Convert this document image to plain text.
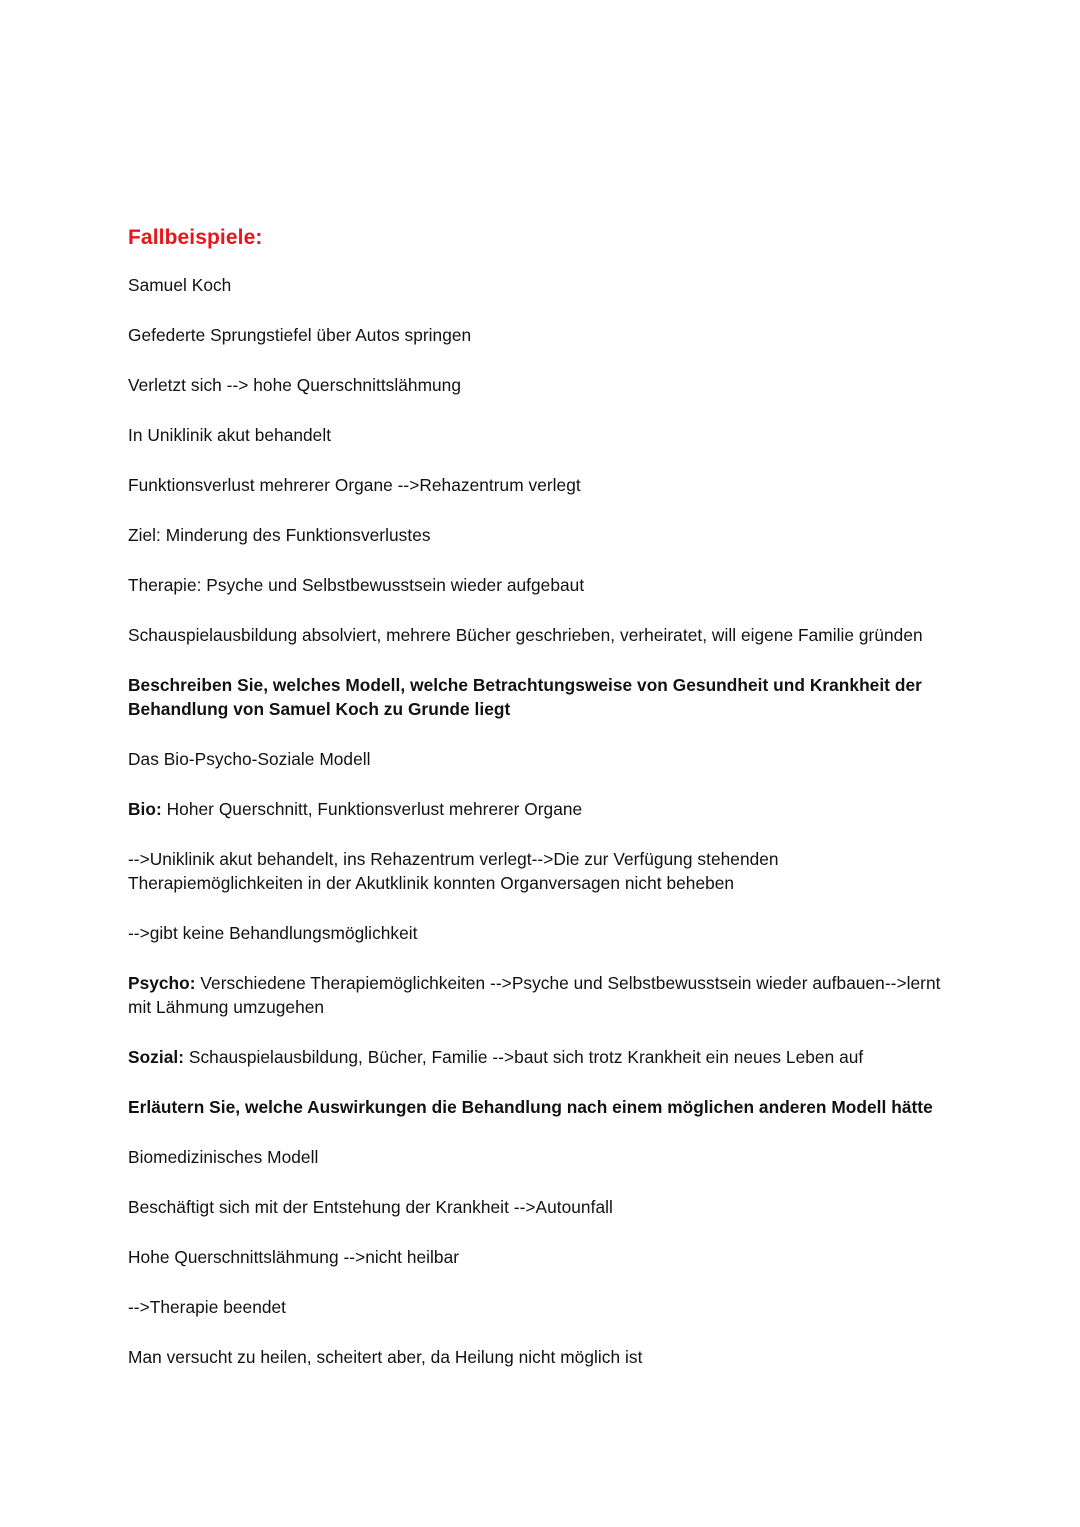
Fallbeispiele:
Samuel Koch
Gefederte Sprungstiefel über Autos springen
Verletzt sich --> hohe Querschnittslähmung
In Uniklinik akut behandelt
Funktionsverlust mehrerer Organe -->Rehazentrum verlegt
Ziel: Minderung des Funktionsverlustes
Therapie: Psyche und Selbstbewusstsein wieder aufgebaut
Schauspielausbildung absolviert, mehrere Bücher geschrieben, verheiratet, will eigene Familie gründen
Beschreiben Sie, welches Modell, welche Betrachtungsweise von Gesundheit und Krankheit der Behandlung von Samuel Koch zu Grunde liegt
Das Bio-Psycho-Soziale Modell
Bio: Hoher Querschnitt, Funktionsverlust mehrerer Organe
-->Uniklinik akut behandelt, ins Rehazentrum verlegt-->Die zur Verfügung stehenden Therapiemöglichkeiten in der Akutklinik konnten Organversagen nicht beheben
-->gibt keine Behandlungsmöglichkeit
Psycho: Verschiedene Therapiemöglichkeiten -->Psyche und Selbstbewusstsein wieder aufbauen-->lernt mit Lähmung umzugehen
Sozial: Schauspielausbildung, Bücher, Familie -->baut sich trotz Krankheit ein neues Leben auf
Erläutern Sie, welche Auswirkungen die Behandlung nach einem möglichen anderen Modell hätte
Biomedizinisches Modell
Beschäftigt sich mit der Entstehung der Krankheit -->Autounfall
Hohe Querschnittslähmung -->nicht heilbar
-->Therapie beendet
Man versucht zu heilen, scheitert aber, da Heilung nicht möglich ist
